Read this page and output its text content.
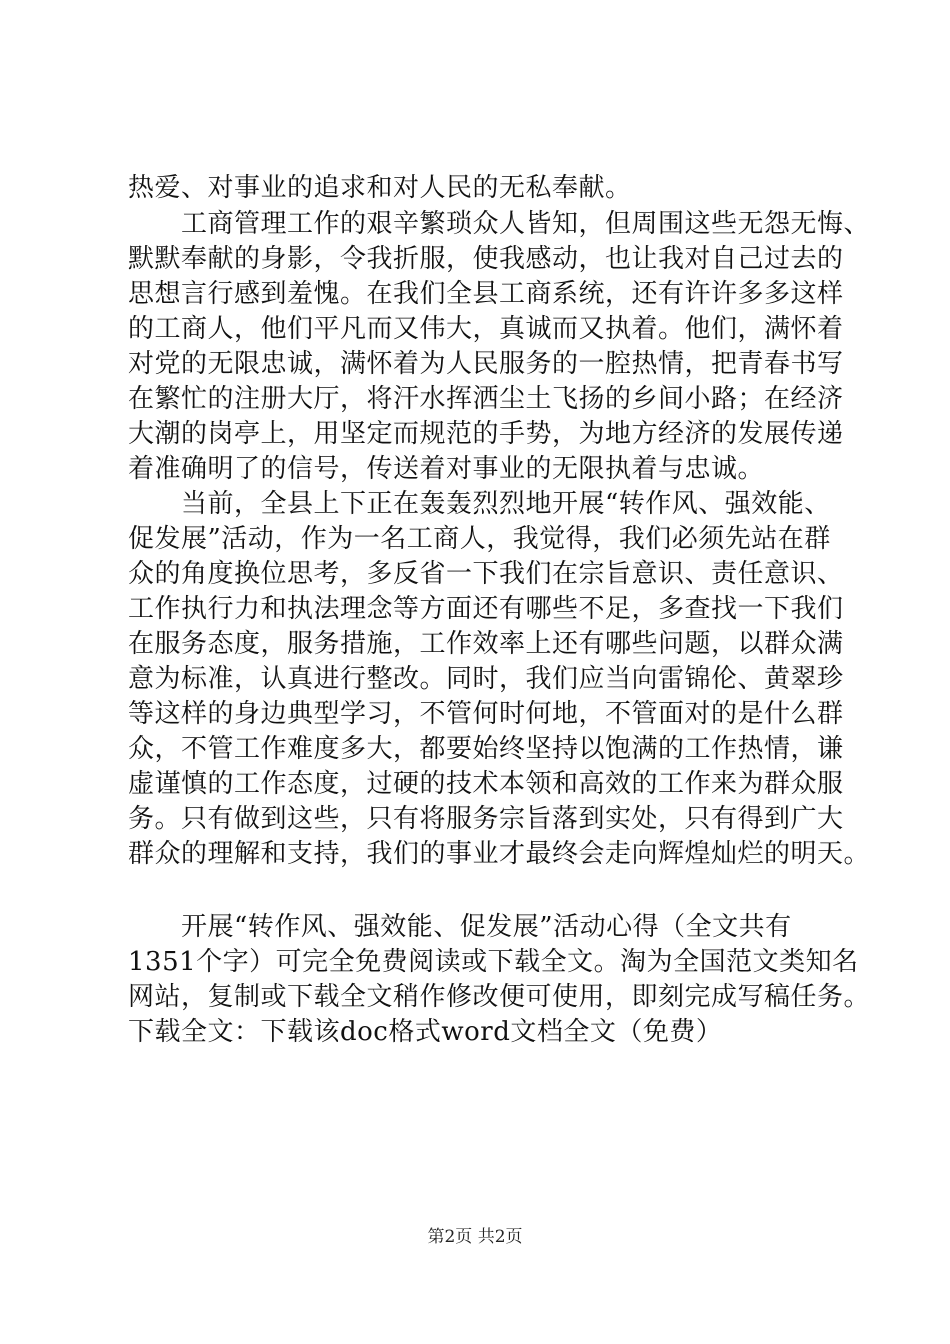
热爱、对事业的追求和对人民的无私奉献。
　　工商管理工作的艰辛繁琐众人皆知，但周围这些无怨无悔、
默默奉献的身影，令我折服，使我感动，也让我对自己过去的
思想言行感到羞愧。在我们全县工商系统，还有许许多多这样
的工商人，他们平凡而又伟大，真诚而又执着。他们，满怀着
对党的无限忠诚，满怀着为人民服务的一腔热情，把青春书写
在繁忙的注册大厅，将汗水挥洒尘土飞扬的乡间小路；在经济
大潮的岗亭上，用坚定而规范的手势，为地方经济的发展传递
着准确明了的信号，传送着对事业的无限执着与忠诚。
　　当前，全县上下正在轰轰烈烈地开展“转作风、强效能、
促发展”活动，作为一名工商人，我觉得，我们必须先站在群
众的角度换位思考，多反省一下我们在宗旨意识、责任意识、
工作执行力和执法理念等方面还有哪些不足，多查找一下我们
在服务态度，服务措施，工作效率上还有哪些问题，以群众满
意为标准，认真进行整改。同时，我们应当向雷锦伦、黄翠珍
等这样的身边典型学习，不管何时何地，不管面对的是什么群
众，不管工作难度多大，都要始终坚持以饱满的工作热情，谦
虚谨慎的工作态度，过硬的技术本领和高效的工作来为群众服
务。只有做到这些，只有将服务宗旨落到实处，只有得到广大
群众的理解和支持，我们的事业才最终会走向辉煌灿烂的明天。
　　开展“转作风、强效能、促发展”活动心得（全文共有
1351个字）可完全免费阅读或下载全文。淘为全国范文类知名
网站，复制或下载全文稍作修改便可使用，即刻完成写稿任务。
下载全文：下载该doc格式word文档全文（免费）
第2页 共2页
